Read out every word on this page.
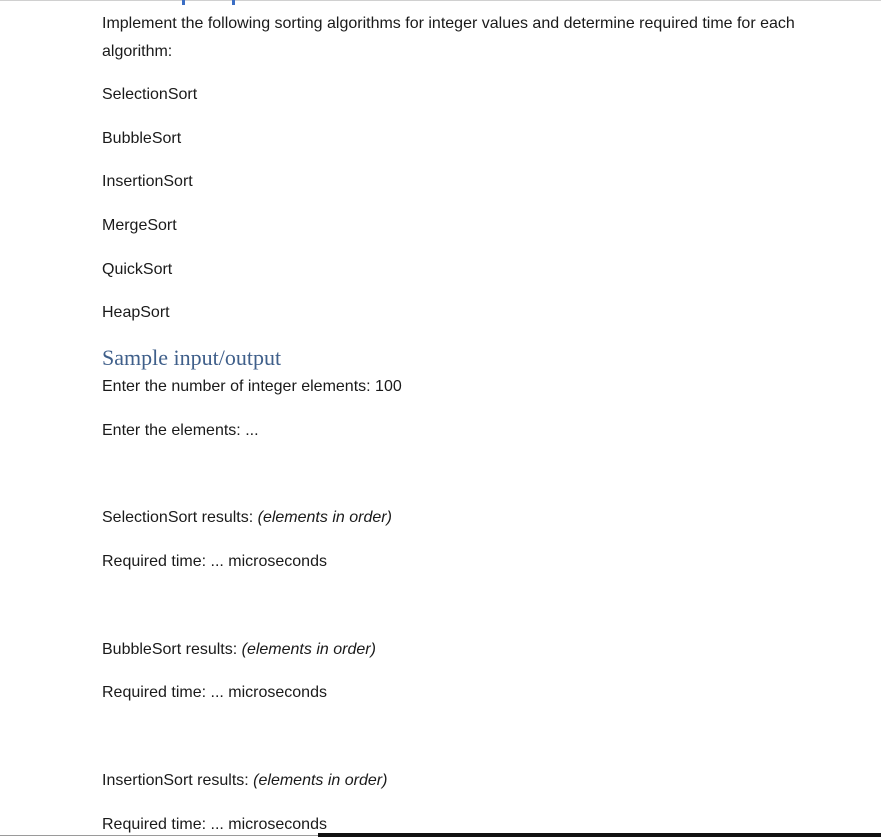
Implement the following sorting algorithms for integer values and determine required time for each
algorithm:
SelectionSort
BubbleSort
InsertionSort
MergeSort
QuickSort
HeapSort
Sample input/output
Enter the number of integer elements: 100
Enter the elements: ...
SelectionSort results: (elements in order)
Required time: ... microseconds
BubbleSort results: (elements in order)
Required time: ... microseconds
InsertionSort results: (elements in order)
Required time: ... microseconds
